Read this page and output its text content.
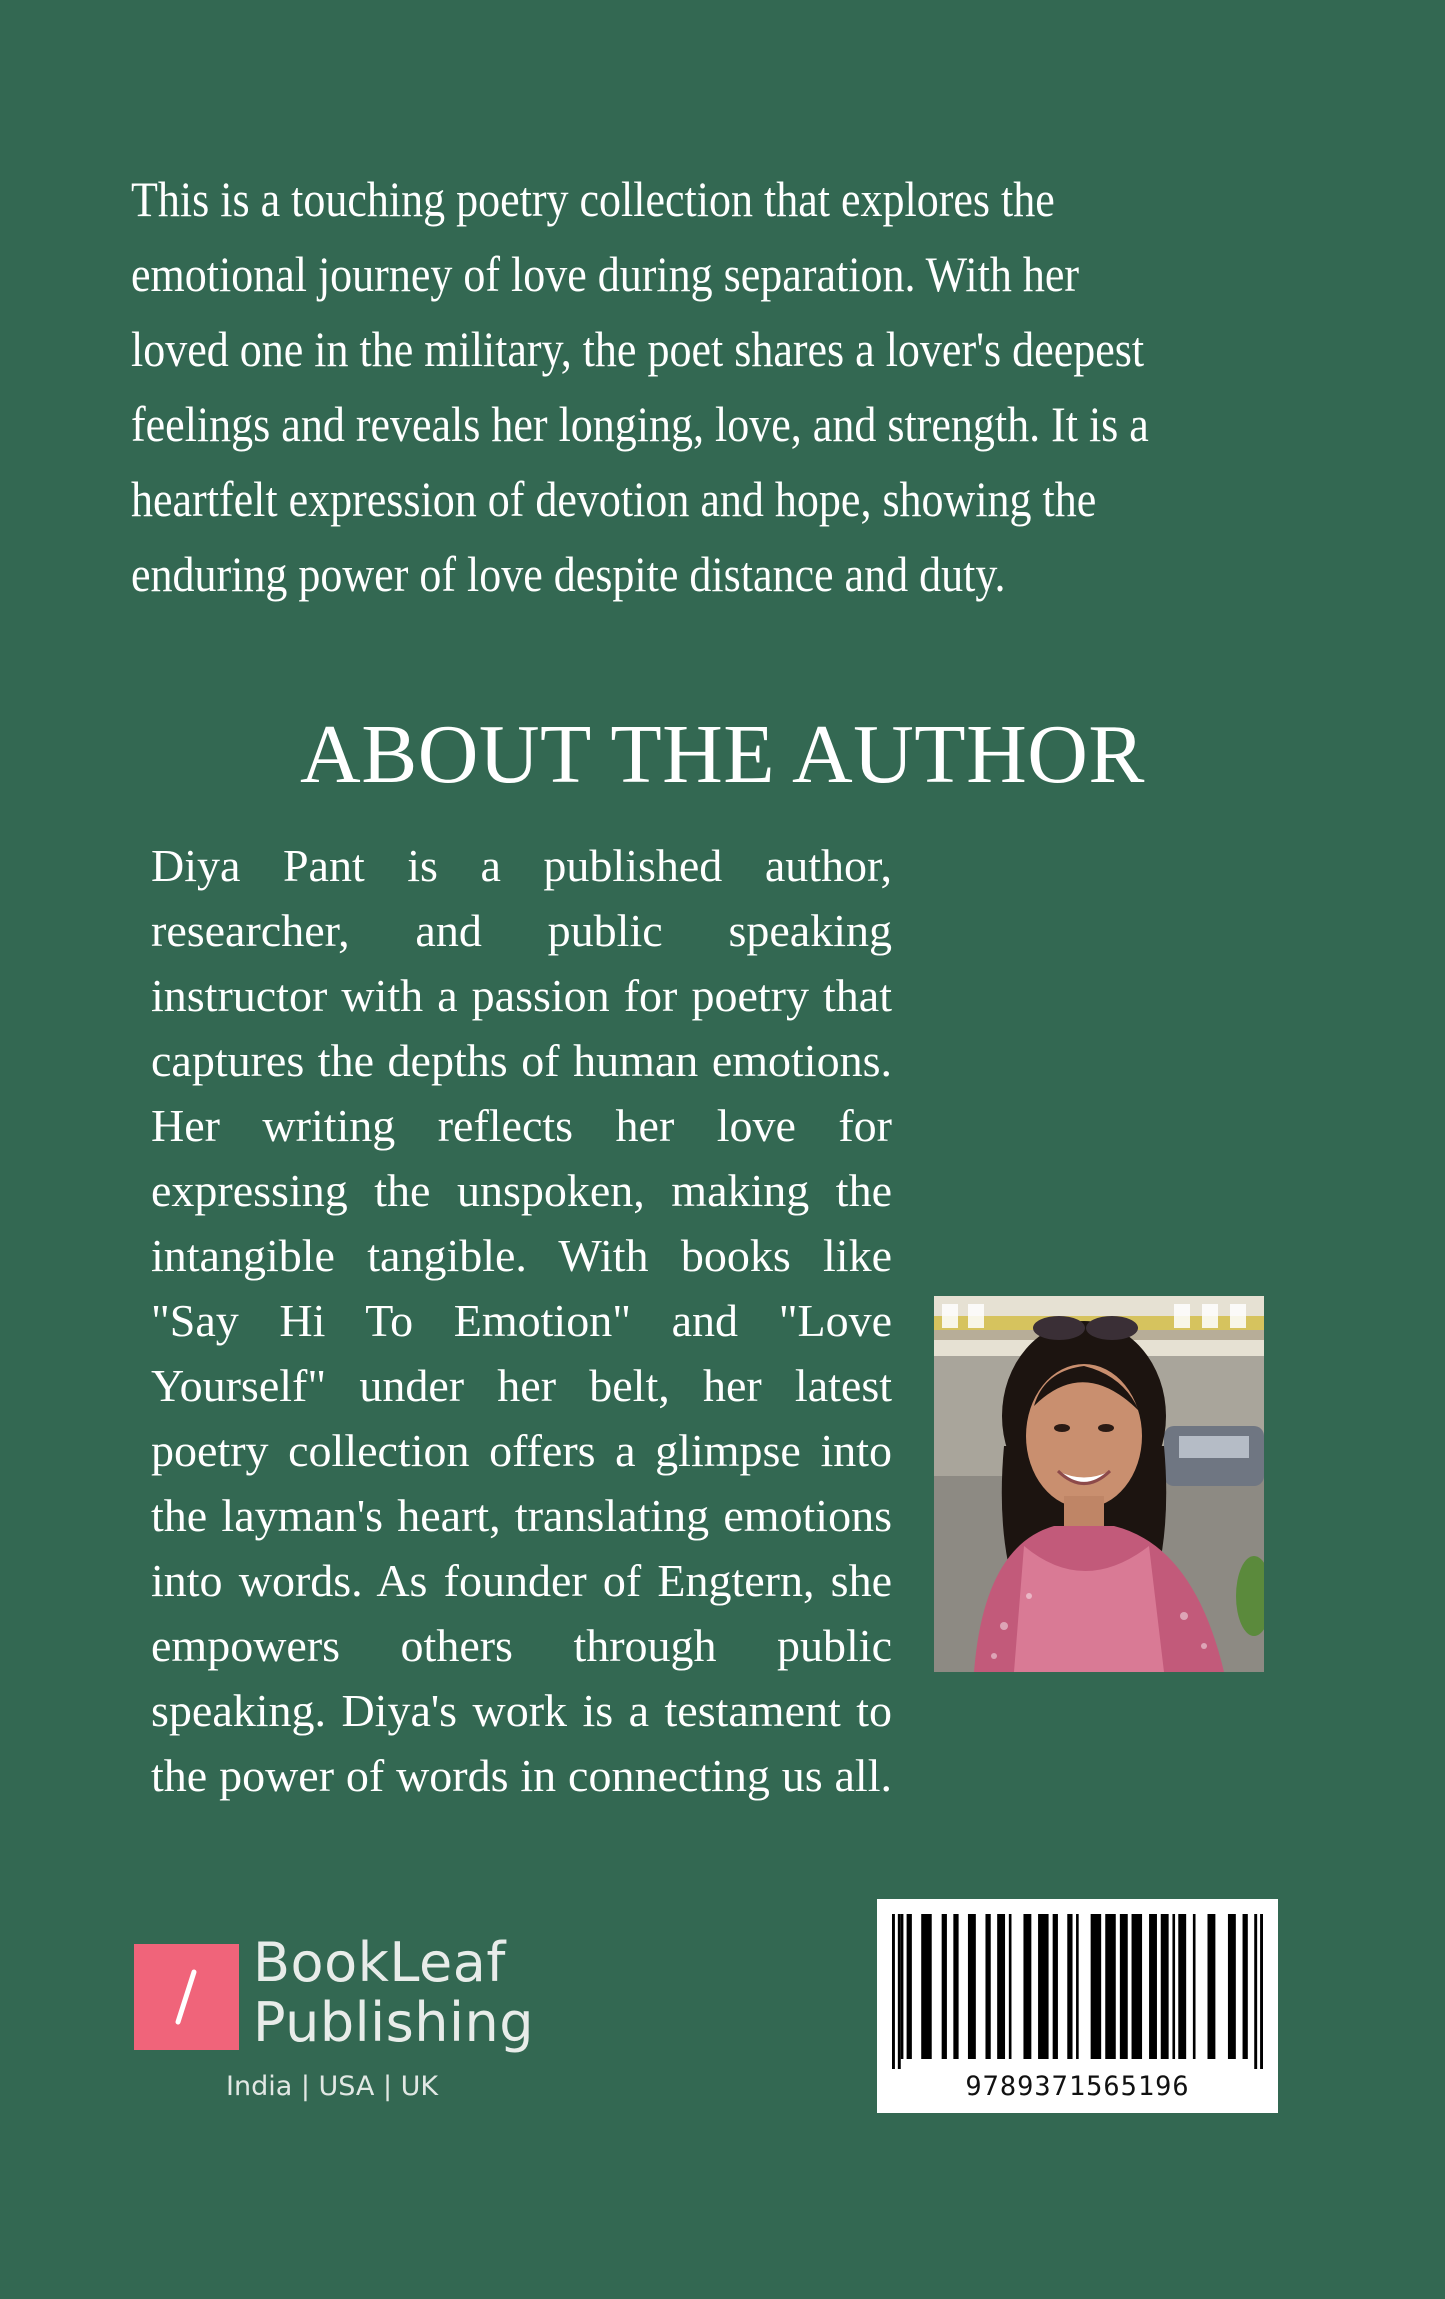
This is a touching poetry collection that explores the emotional journey of love during separation. With her loved one in the military, the poet shares a lover's deepest feelings and reveals her longing, love, and strength. It is a heartfelt expression of devotion and hope, showing the enduring power of love despite distance and duty.

ABOUT THE AUTHOR

Diya Pant is a published author, researcher, and public speaking instructor with a passion for poetry that captures the depths of human emotions. Her writing reflects her love for expressing the unspoken, making the intangible tangible. With books like "Say Hi To Emotion" and "Love Yourself" under her belt, her latest poetry collection offers a glimpse into the layman's heart, translating emotions into words. As founder of Engtern, she empowers others through public speaking. Diya's work is a testament to the power of words in connecting us all.

9789371565196
BookLeaf
Publishing
India | USA | UK
